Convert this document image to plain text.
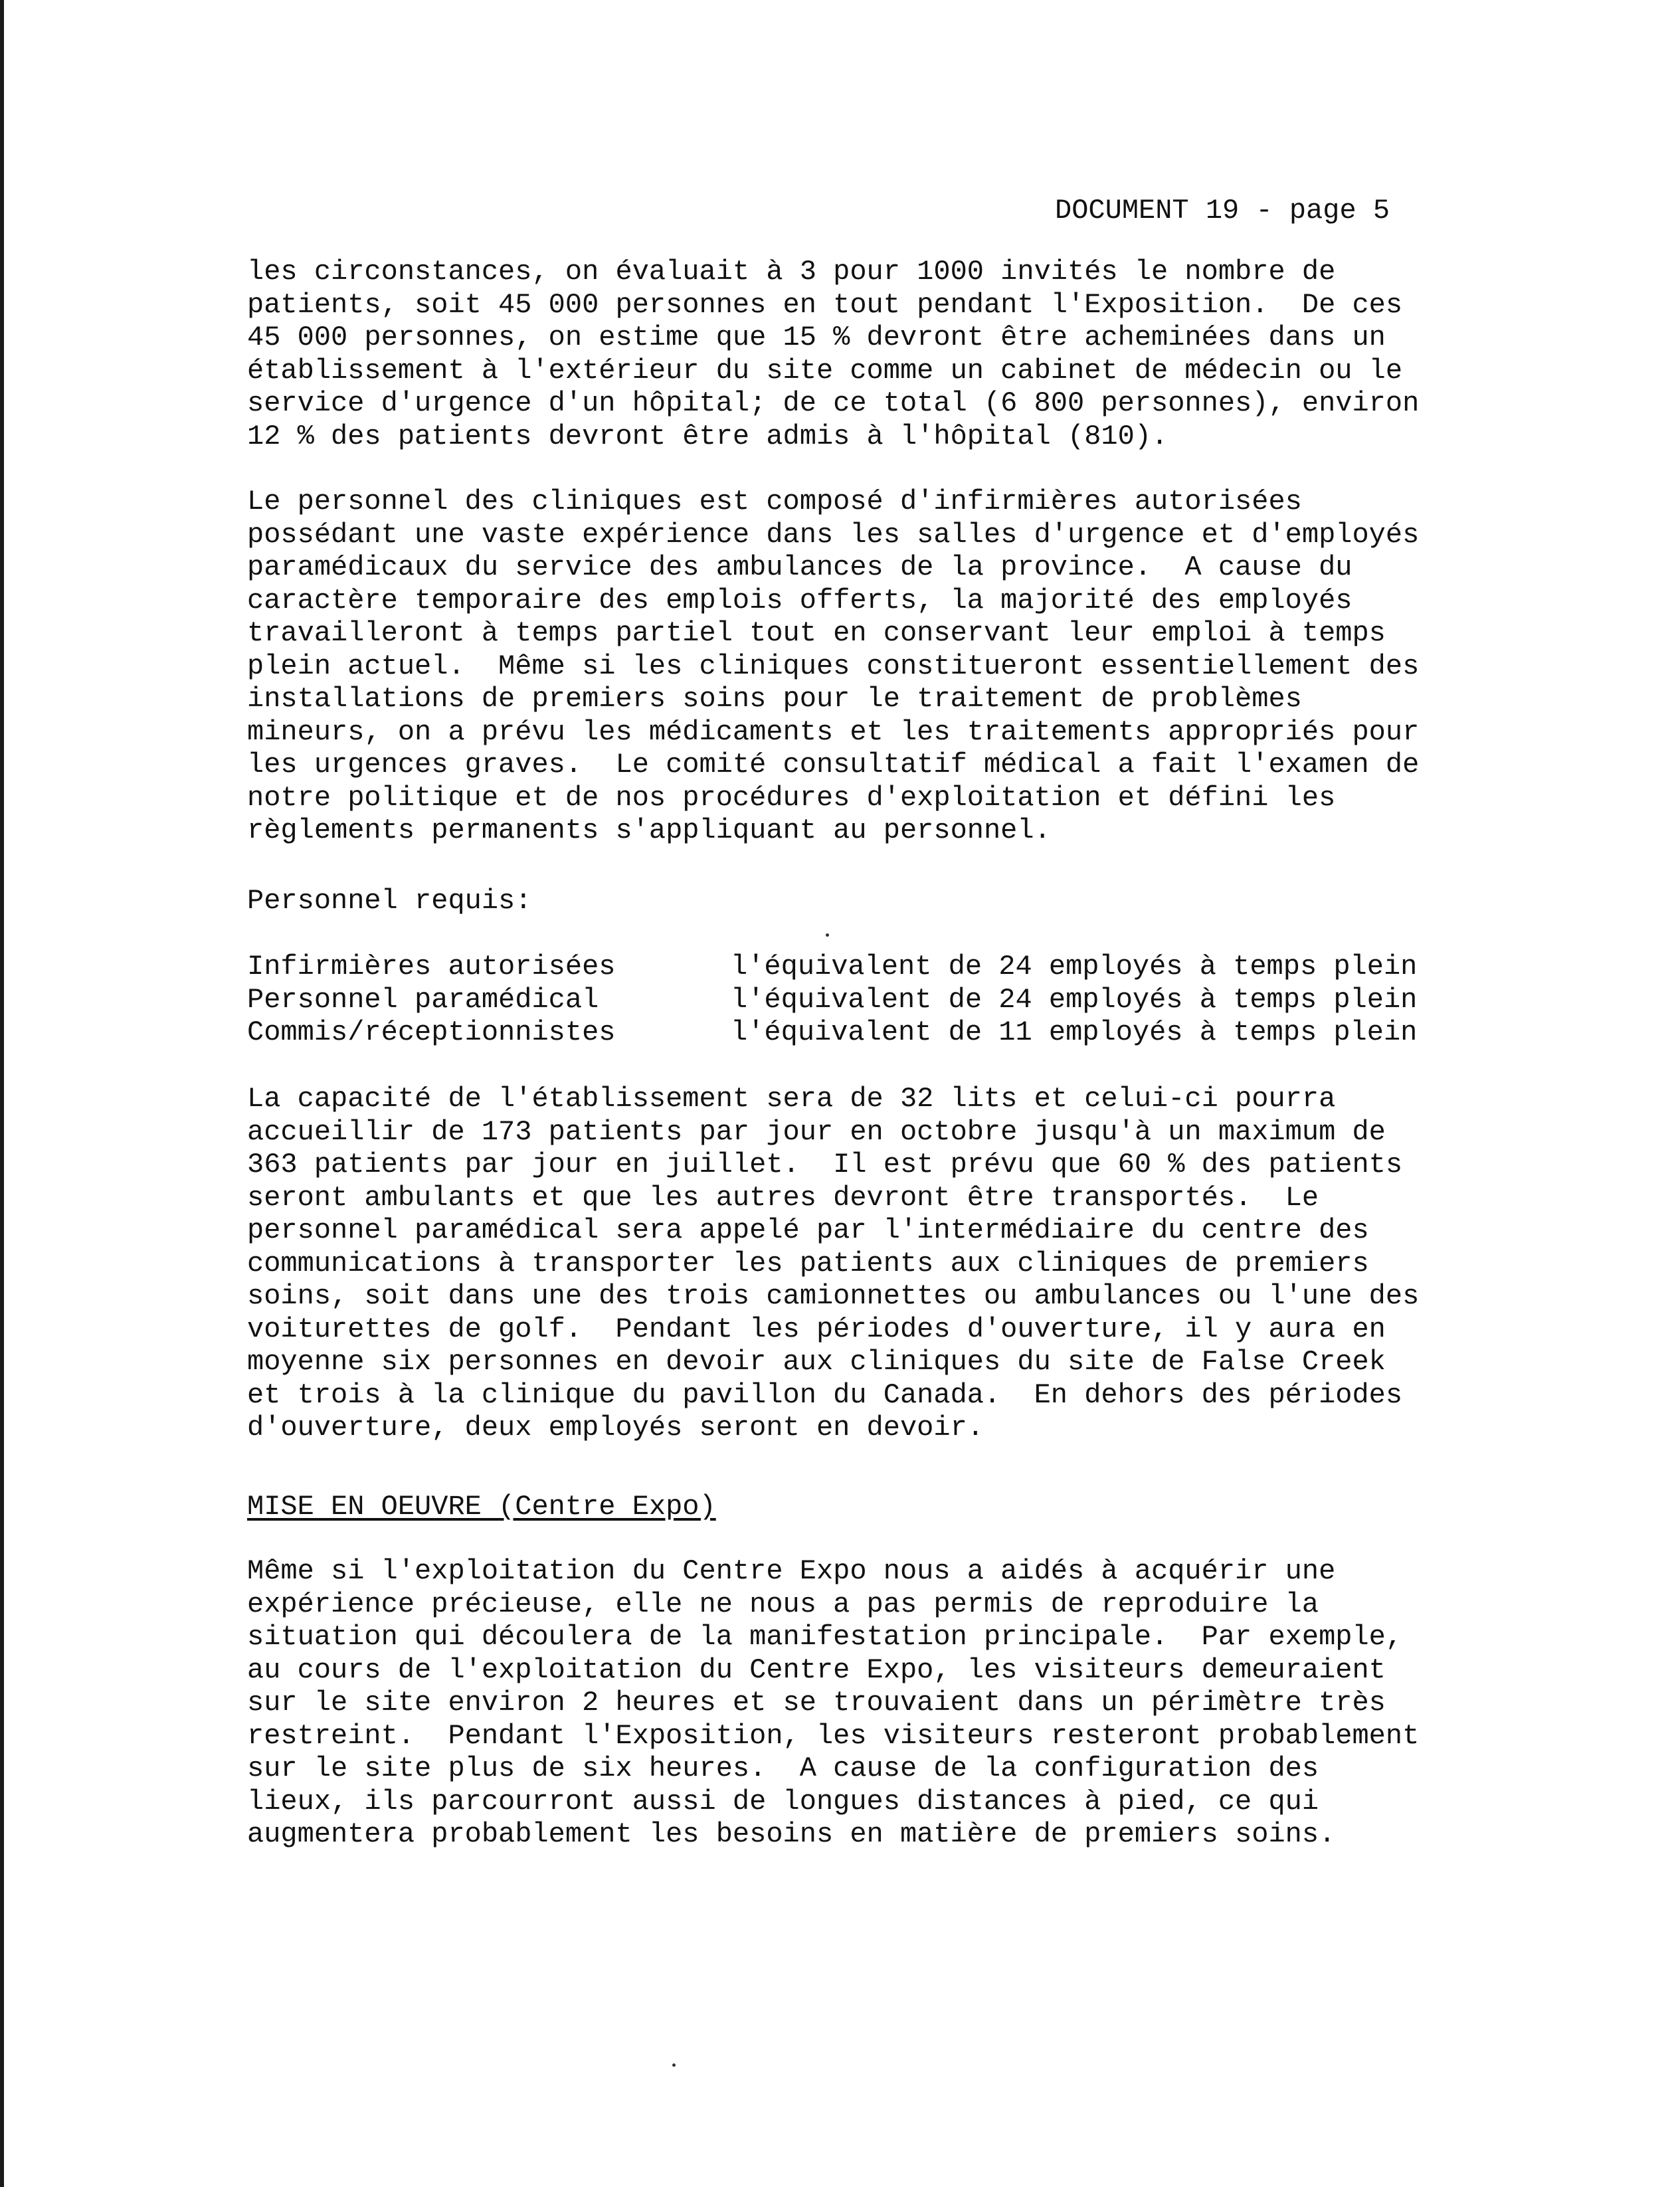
DOCUMENT 19 - page 5

les circonstances, on évaluait à 3 pour 1000 invités le nombre de

patients, soit 45 000 personnes en tout pendant l'Exposition.  De ces

45 000 personnes, on estime que 15 % devront être acheminées dans un

établissement à l'extérieur du site comme un cabinet de médecin ou le

service d'urgence d'un hôpital; de ce total (6 800 personnes), environ

12 % des patients devront être admis à l'hôpital (810).

Le personnel des cliniques est composé d'infirmières autorisées

possédant une vaste expérience dans les salles d'urgence et d'employés

paramédicaux du service des ambulances de la province.  A cause du

caractère temporaire des emplois offerts, la majorité des employés

travailleront à temps partiel tout en conservant leur emploi à temps

plein actuel.  Même si les cliniques constitueront essentiellement des

installations de premiers soins pour le traitement de problèmes

mineurs, on a prévu les médicaments et les traitements appropriés pour

les urgences graves.  Le comité consultatif médical a fait l'examen de

notre politique et de nos procédures d'exploitation et défini les

règlements permanents s'appliquant au personnel.

Personnel requis:

Infirmières autorisées	l'équivalent de 24 employés à temps plein
Personnel paramédical	l'équivalent de 24 employés à temps plein
Commis/réceptionnistes	l'équivalent de 11 employés à temps plein

La capacité de l'établissement sera de 32 lits et celui-ci pourra

accueillir de 173 patients par jour en octobre jusqu'à un maximum de

363 patients par jour en juillet.  Il est prévu que 60 % des patients

seront ambulants et que les autres devront être transportés.  Le

personnel paramédical sera appelé par l'intermédiaire du centre des

communications à transporter les patients aux cliniques de premiers

soins, soit dans une des trois camionnettes ou ambulances ou l'une des

voiturettes de golf.  Pendant les périodes d'ouverture, il y aura en

moyenne six personnes en devoir aux cliniques du site de False Creek

et trois à la clinique du pavillon du Canada.  En dehors des périodes

d'ouverture, deux employés seront en devoir.

MISE EN OEUVRE (Centre Expo)

Même si l'exploitation du Centre Expo nous a aidés à acquérir une

expérience précieuse, elle ne nous a pas permis de reproduire la

situation qui découlera de la manifestation principale.  Par exemple,

au cours de l'exploitation du Centre Expo, les visiteurs demeuraient

sur le site environ 2 heures et se trouvaient dans un périmètre très

restreint.  Pendant l'Exposition, les visiteurs resteront probablement

sur le site plus de six heures.  A cause de la configuration des

lieux, ils parcourront aussi de longues distances à pied, ce qui

augmentera probablement les besoins en matière de premiers soins.
